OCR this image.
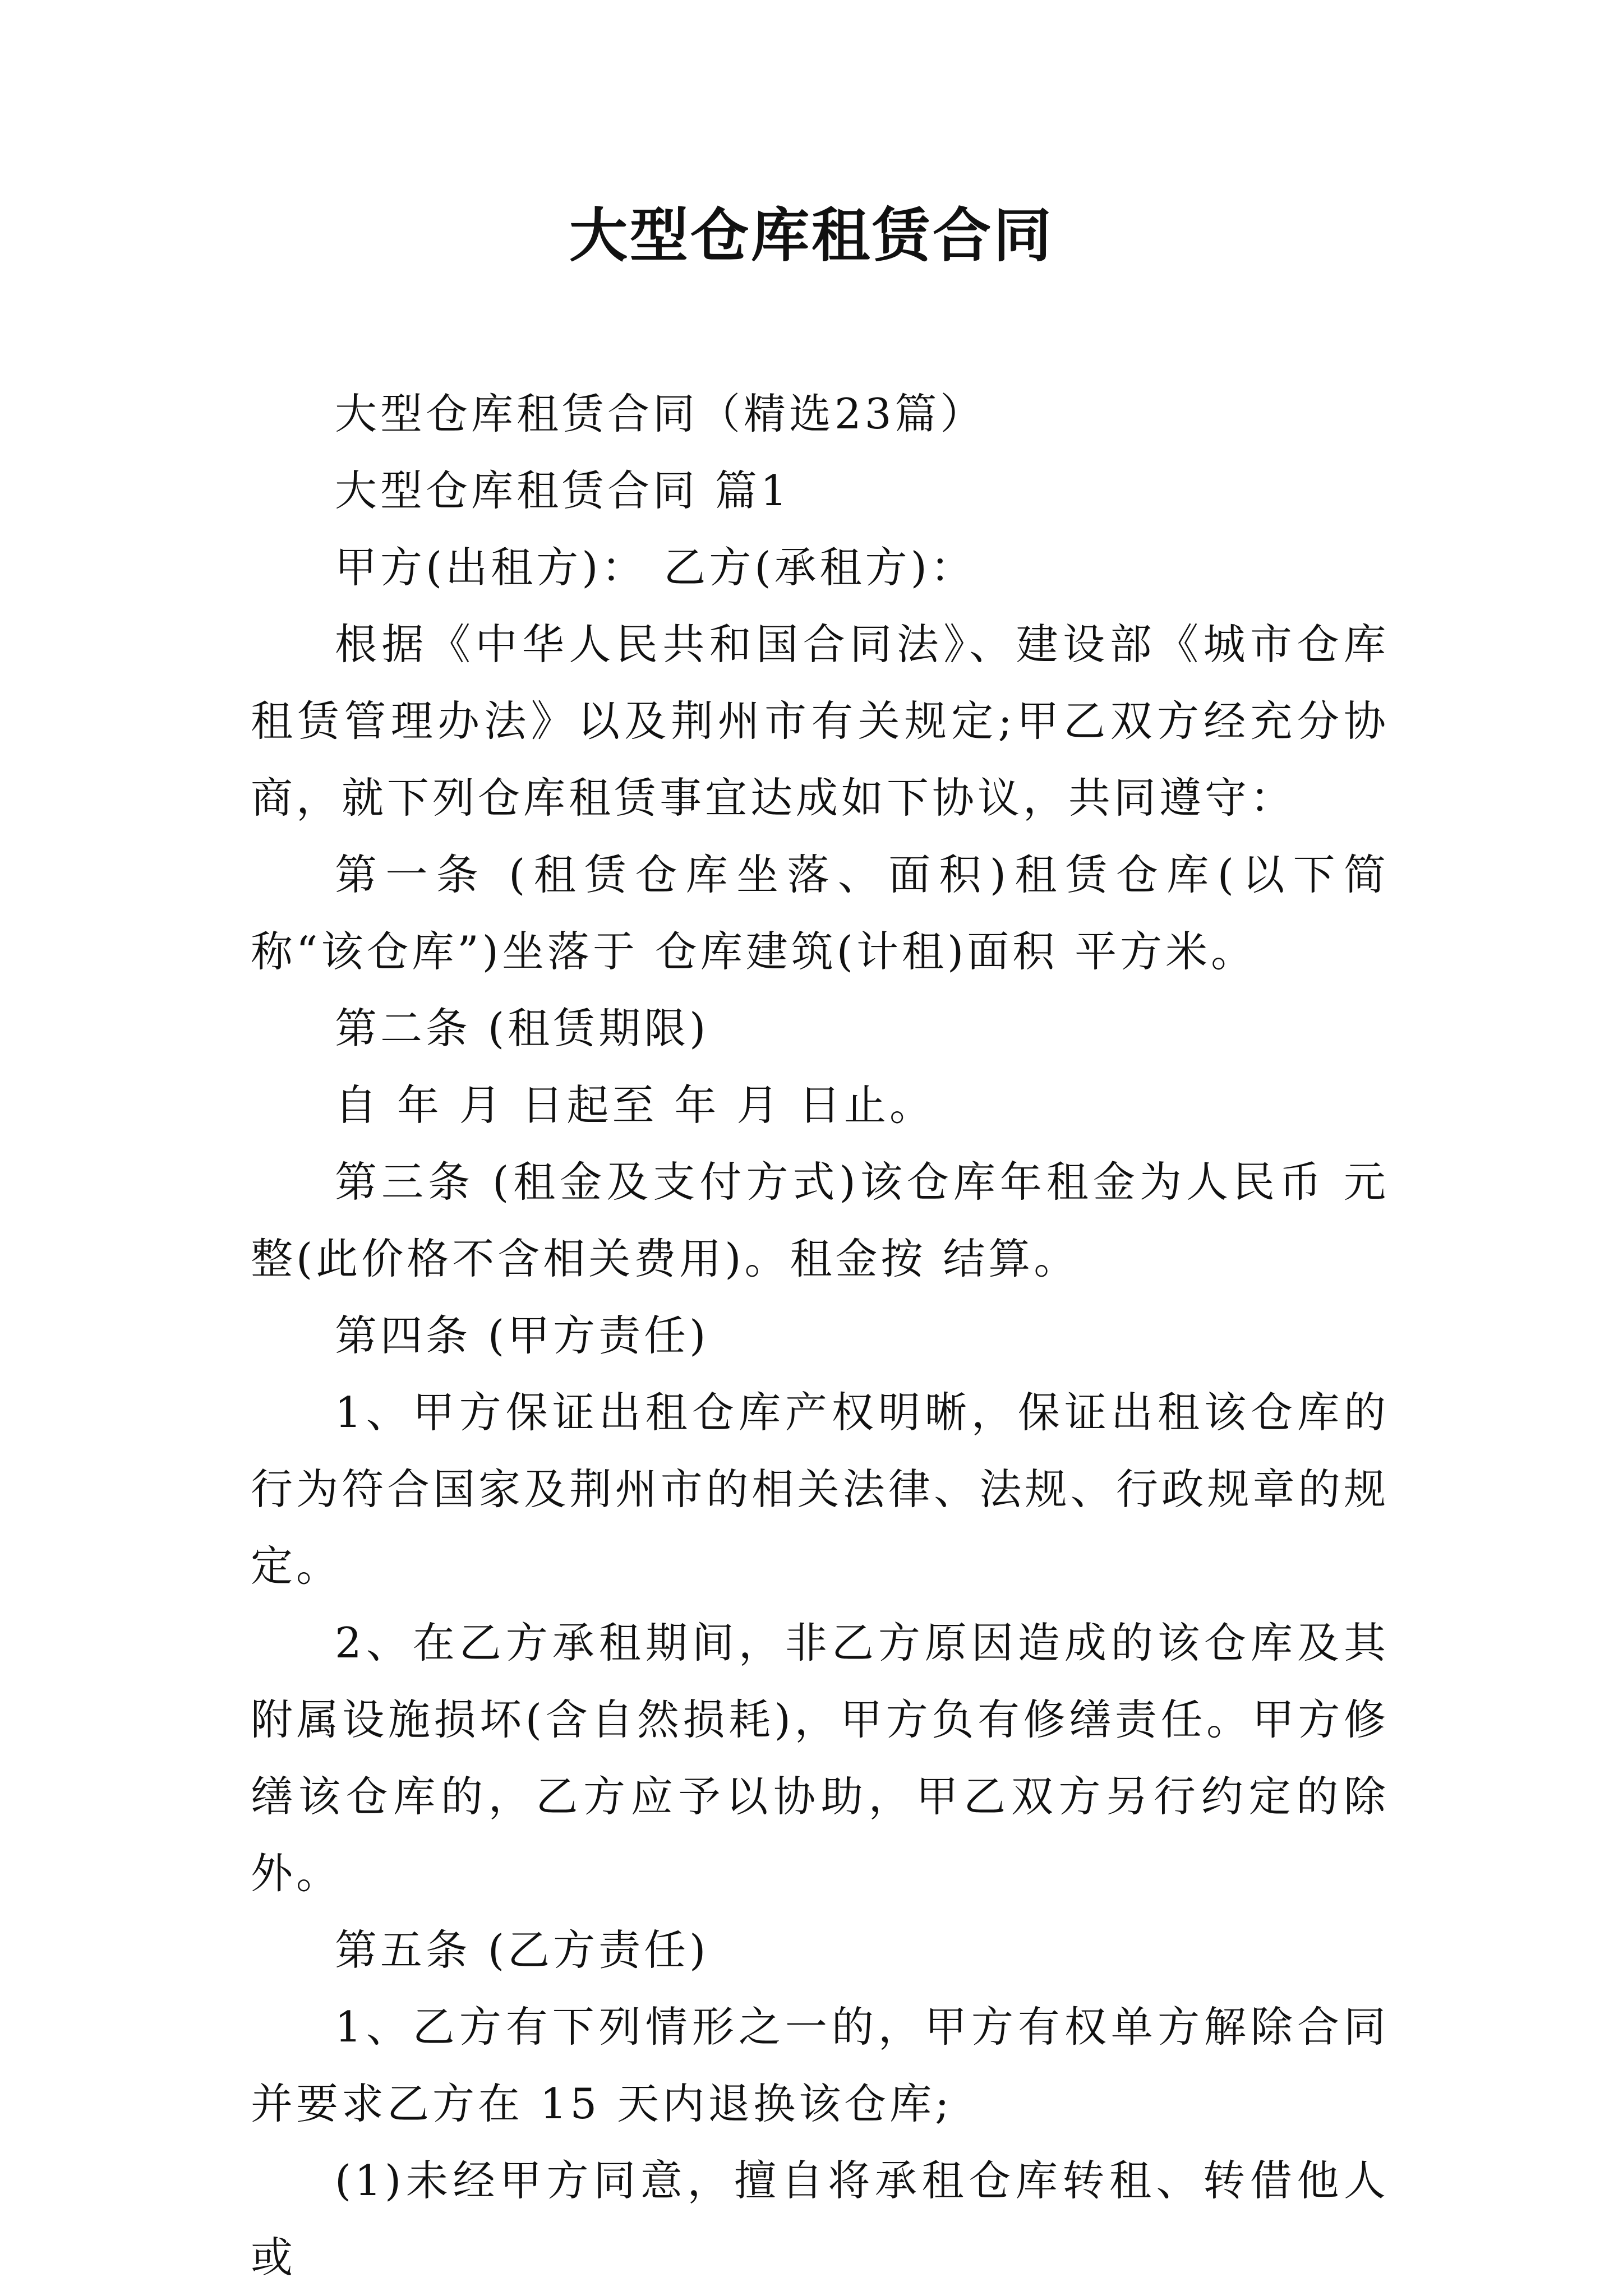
大型仓库租赁合同

大型仓库租赁合同（精选23篇）

大型仓库租赁合同 篇1

甲方(出租方)： 乙方(承租方)：

根据《中华人民共和国合同法》、建设部《城市仓库租赁管理办法》以及荆州市有关规定;甲乙双方经充分协商，就下列仓库租赁事宜达成如下协议，共同遵守：

第一条 (租赁仓库坐落、面积)租赁仓库(以下简称“该仓库”)坐落于 仓库建筑(计租)面积 平方米。

第二条 (租赁期限)

自 年 月 日起至 年 月 日止。

第三条 (租金及支付方式)该仓库年租金为人民币 元整(此价格不含相关费用)。租金按 结算。

第四条 (甲方责任)

1、甲方保证出租仓库产权明晰，保证出租该仓库的行为符合国家及荆州市的相关法律、法规、行政规章的规定。

2、在乙方承租期间，非乙方原因造成的该仓库及其附属设施损坏(含自然损耗)，甲方负有修缮责任。甲方修缮该仓库的，乙方应予以协助，甲乙双方另行约定的除外。

第五条 (乙方责任)

1、乙方有下列情形之一的，甲方有权单方解除合同并要求乙方在 15 天内退换该仓库;

(1)未经甲方同意，擅自将承租仓库转租、转借他人或
